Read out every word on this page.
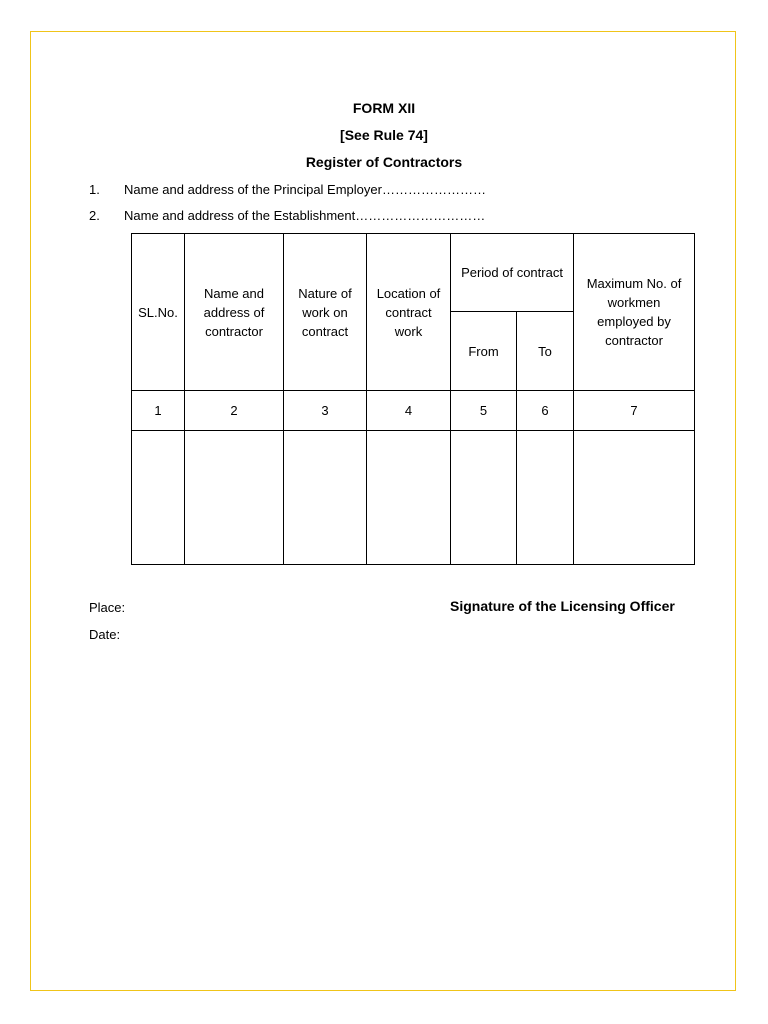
FORM XII
[See Rule 74]
Register of Contractors
1. Name and address of the Principal Employer……………………
2. Name and address of the Establishment…………………………
SL.No.	Name and address of contractor	Nature of work on contract	Location of contract work	Period of contract		Maximum No. of workmen employed by contractor
				From	To	
1	2	3	4	5	6	7

Place:
Date:
Signature of the Licensing Officer
